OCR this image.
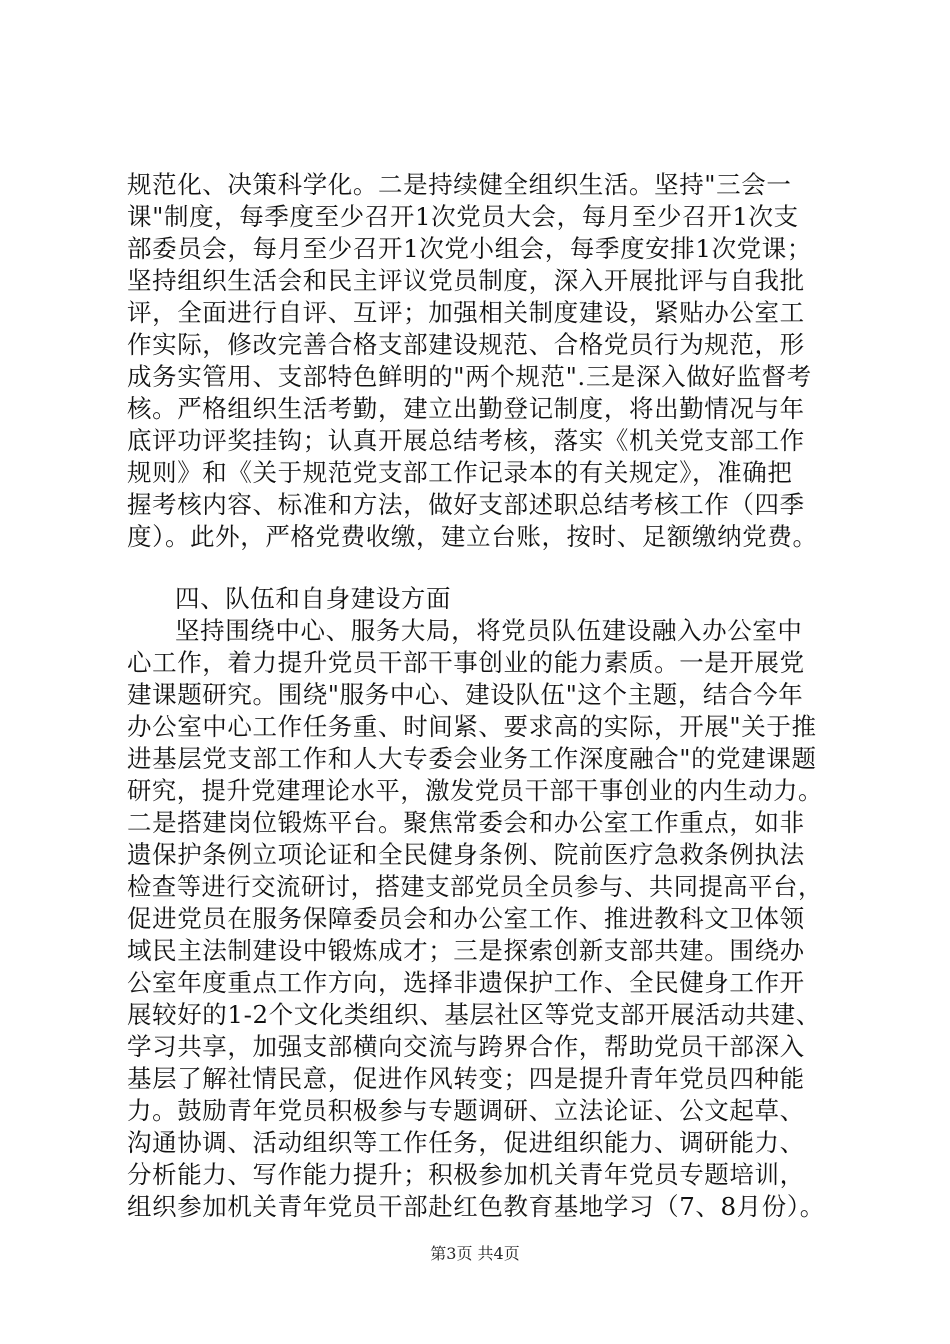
规范化、决策科学化。二是持续健全组织生活。坚持"三会一
课"制度，每季度至少召开1次党员大会，每月至少召开1次支
部委员会，每月至少召开1次党小组会，每季度安排1次党课；
坚持组织生活会和民主评议党员制度，深入开展批评与自我批
评，全面进行自评、互评；加强相关制度建设，紧贴办公室工
作实际，修改完善合格支部建设规范、合格党员行为规范，形
成务实管用、支部特色鲜明的"两个规范".三是深入做好监督考
核。严格组织生活考勤，建立出勤登记制度，将出勤情况与年
底评功评奖挂钩；认真开展总结考核，落实《机关党支部工作
规则》和《关于规范党支部工作记录本的有关规定》，准确把
握考核内容、标准和方法，做好支部述职总结考核工作（四季
度）。此外，严格党费收缴，建立台账，按时、足额缴纳党费。
四、队伍和自身建设方面
坚持围绕中心、服务大局，将党员队伍建设融入办公室中
心工作，着力提升党员干部干事创业的能力素质。一是开展党
建课题研究。围绕"服务中心、建设队伍"这个主题，结合今年
办公室中心工作任务重、时间紧、要求高的实际，开展"关于推
进基层党支部工作和人大专委会业务工作深度融合"的党建课题
研究，提升党建理论水平，激发党员干部干事创业的内生动力。
二是搭建岗位锻炼平台。聚焦常委会和办公室工作重点，如非
遗保护条例立项论证和全民健身条例、院前医疗急救条例执法
检查等进行交流研讨，搭建支部党员全员参与、共同提高平台，
促进党员在服务保障委员会和办公室工作、推进教科文卫体领
域民主法制建设中锻炼成才；三是探索创新支部共建。围绕办
公室年度重点工作方向，选择非遗保护工作、全民健身工作开
展较好的1-2个文化类组织、基层社区等党支部开展活动共建、
学习共享，加强支部横向交流与跨界合作，帮助党员干部深入
基层了解社情民意，促进作风转变；四是提升青年党员四种能
力。鼓励青年党员积极参与专题调研、立法论证、公文起草、
沟通协调、活动组织等工作任务，促进组织能力、调研能力、
分析能力、写作能力提升；积极参加机关青年党员专题培训，
组织参加机关青年党员干部赴红色教育基地学习（7、8月份）。
第3页 共4页
